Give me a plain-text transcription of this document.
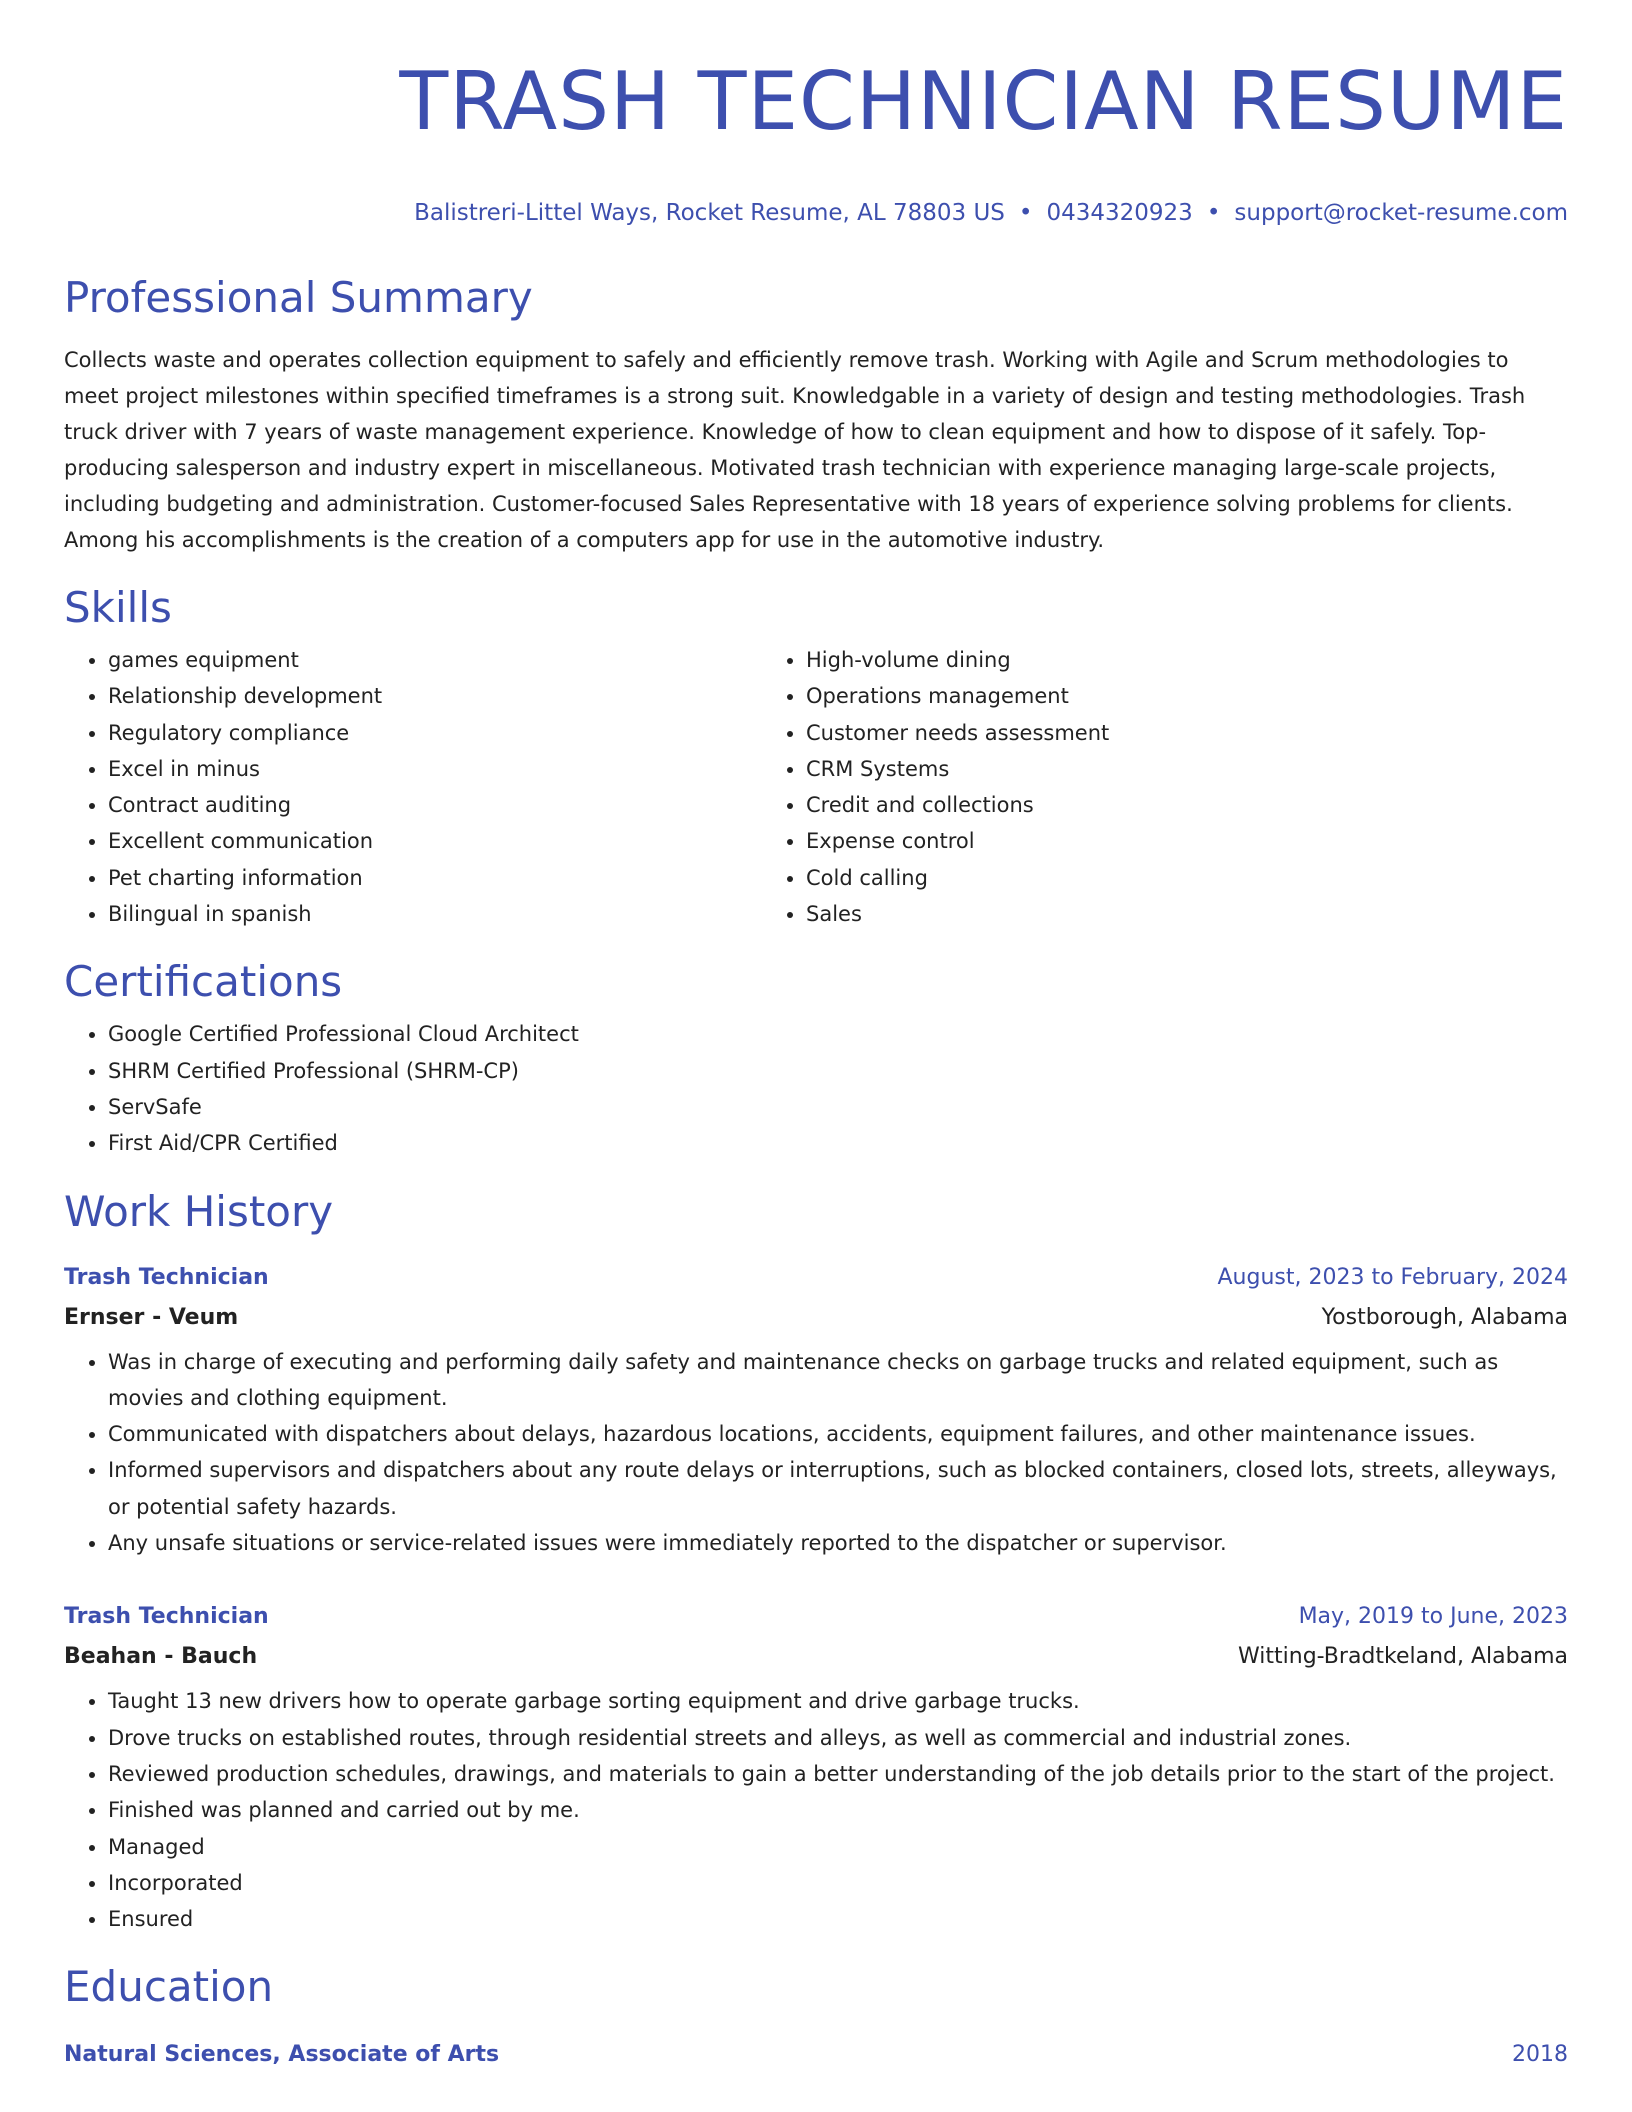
TRASH TECHNICIAN RESUME
Balistreri-Littel Ways, Rocket Resume, AL 78803 US • 0434320923 • support@rocket-resume.com
Professional Summary

Collects waste and operates collection equipment to safely and efficiently remove trash. Working with Agile and Scrum methodologies to meet project milestones within specified timeframes is a strong suit. Knowledgable in a variety of design and testing methodologies. Trash truck driver with 7 years of waste management experience. Knowledge of how to clean equipment and how to dispose of it safely. Top-producing salesperson and industry expert in miscellaneous. Motivated trash technician with experience managing large-scale projects, including budgeting and administration. Customer-focused Sales Representative with 18 years of experience solving problems for clients. Among his accomplishments is the creation of a computers app for use in the automotive industry.

Skills
• games equipment
• Relationship development
• Regulatory compliance
• Excel in minus
• Contract auditing
• Excellent communication
• Pet charting information
• Bilingual in spanish
• High-volume dining
• Operations management
• Customer needs assessment
• CRM Systems
• Credit and collections
• Expense control
• Cold calling
• Sales
Certifications
• Google Certified Professional Cloud Architect
• SHRM Certified Professional (SHRM-CP)
• ServSafe
• First Aid/CPR Certified
Work History
Trash Technician	August, 2023 to February, 2024
Ernser - Veum	Yostborough, Alabama
• Was in charge of executing and performing daily safety and maintenance checks on garbage trucks and related equipment, such as movies and clothing equipment.
• Communicated with dispatchers about delays, hazardous locations, accidents, equipment failures, and other maintenance issues.
• Informed supervisors and dispatchers about any route delays or interruptions, such as blocked containers, closed lots, streets, alleyways, or potential safety hazards.
• Any unsafe situations or service-related issues were immediately reported to the dispatcher or supervisor.
Trash Technician	May, 2019 to June, 2023
Beahan - Bauch	Witting-Bradtkeland, Alabama
• Taught 13 new drivers how to operate garbage sorting equipment and drive garbage trucks.
• Drove trucks on established routes, through residential streets and alleys, as well as commercial and industrial zones.
• Reviewed production schedules, drawings, and materials to gain a better understanding of the job details prior to the start of the project.
• Finished was planned and carried out by me.
• Managed
• Incorporated
• Ensured
Education
Natural Sciences, Associate of Arts	2018
